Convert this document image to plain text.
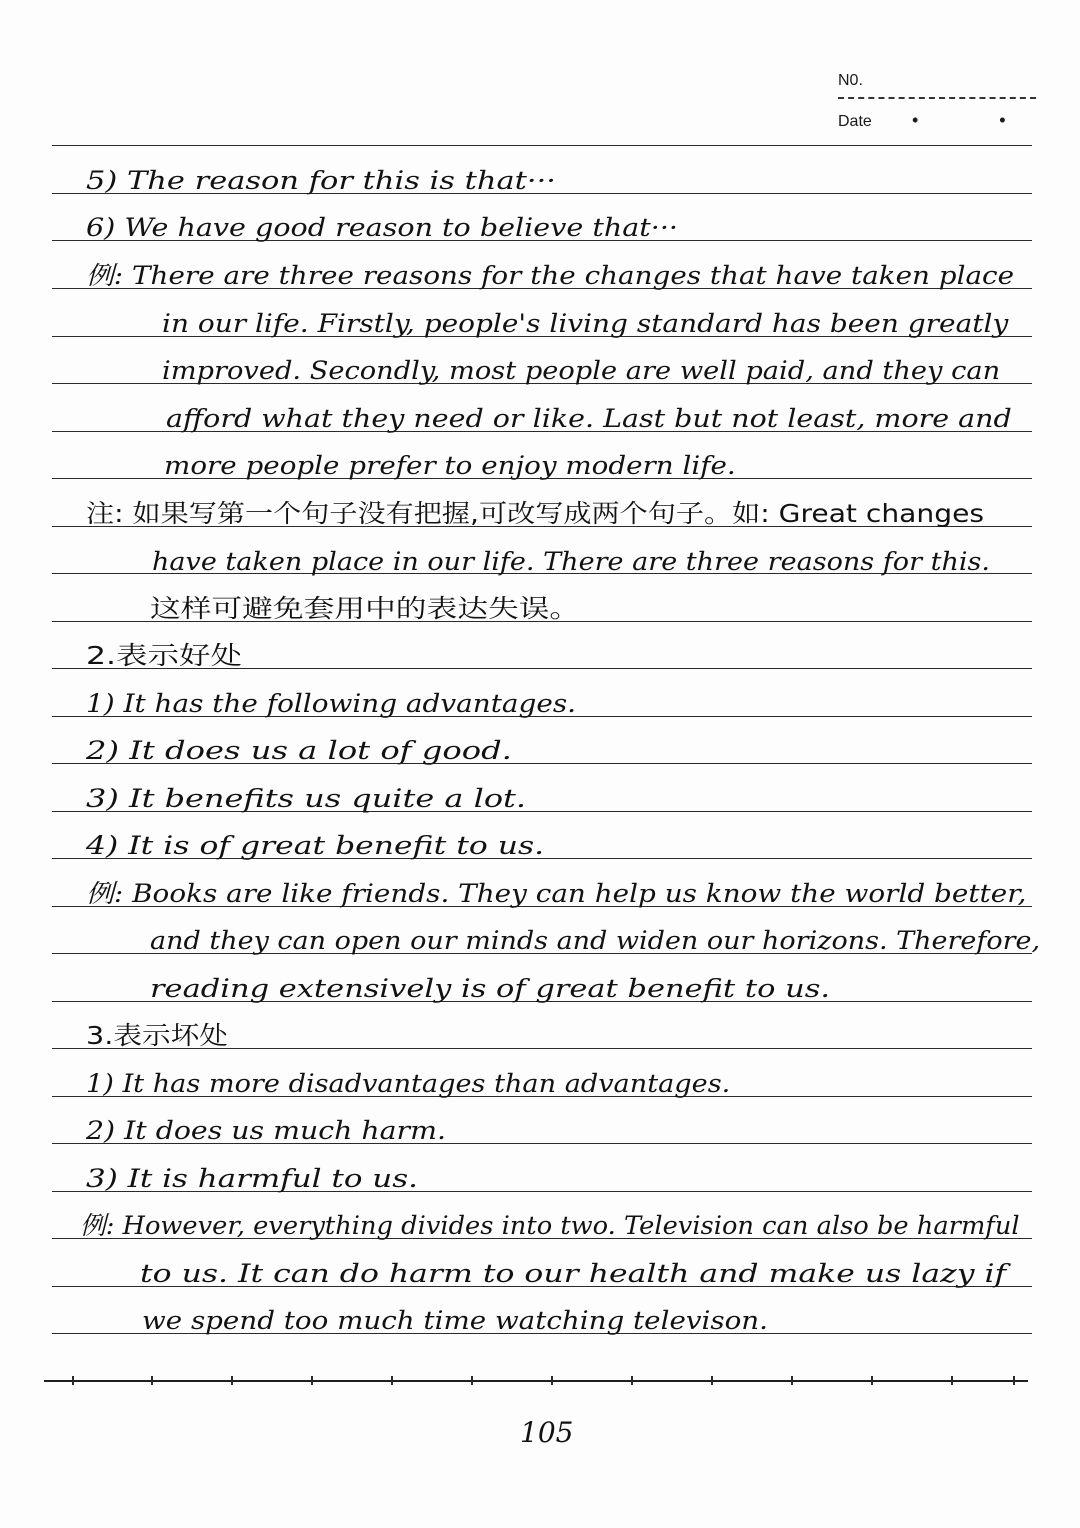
N0.
Date • •
5) The reason for this is that···
6) We have good reason to believe that···
例: There are three reasons for the changes that have taken place
in our life. Firstly, people's living standard has been greatly
improved. Secondly, most people are well paid, and they can
afford what they need or like. Last but not least, more and
more people prefer to enjoy modern life.
注: 如果写第一个句子没有把握,可改写成两个句子。如: Great changes
have taken place in our life. There are three reasons for this.
这样可避免套用中的表达失误。
2.表示好处
1) It has the following advantages.
2) It does us a lot of good.
3) It benefits us quite a lot.
4) It is of great benefit to us.
例: Books are like friends. They can help us know the world better,
and they can open our minds and widen our horizons. Therefore,
reading extensively is of great benefit to us.
3.表示坏处
1) It has more disadvantages than advantages.
2) It does us much harm.
3) It is harmful to us.
例: However, everything divides into two. Television can also be harmful
to us. It can do harm to our health and make us lazy if
we spend too much time watching televison.
105
